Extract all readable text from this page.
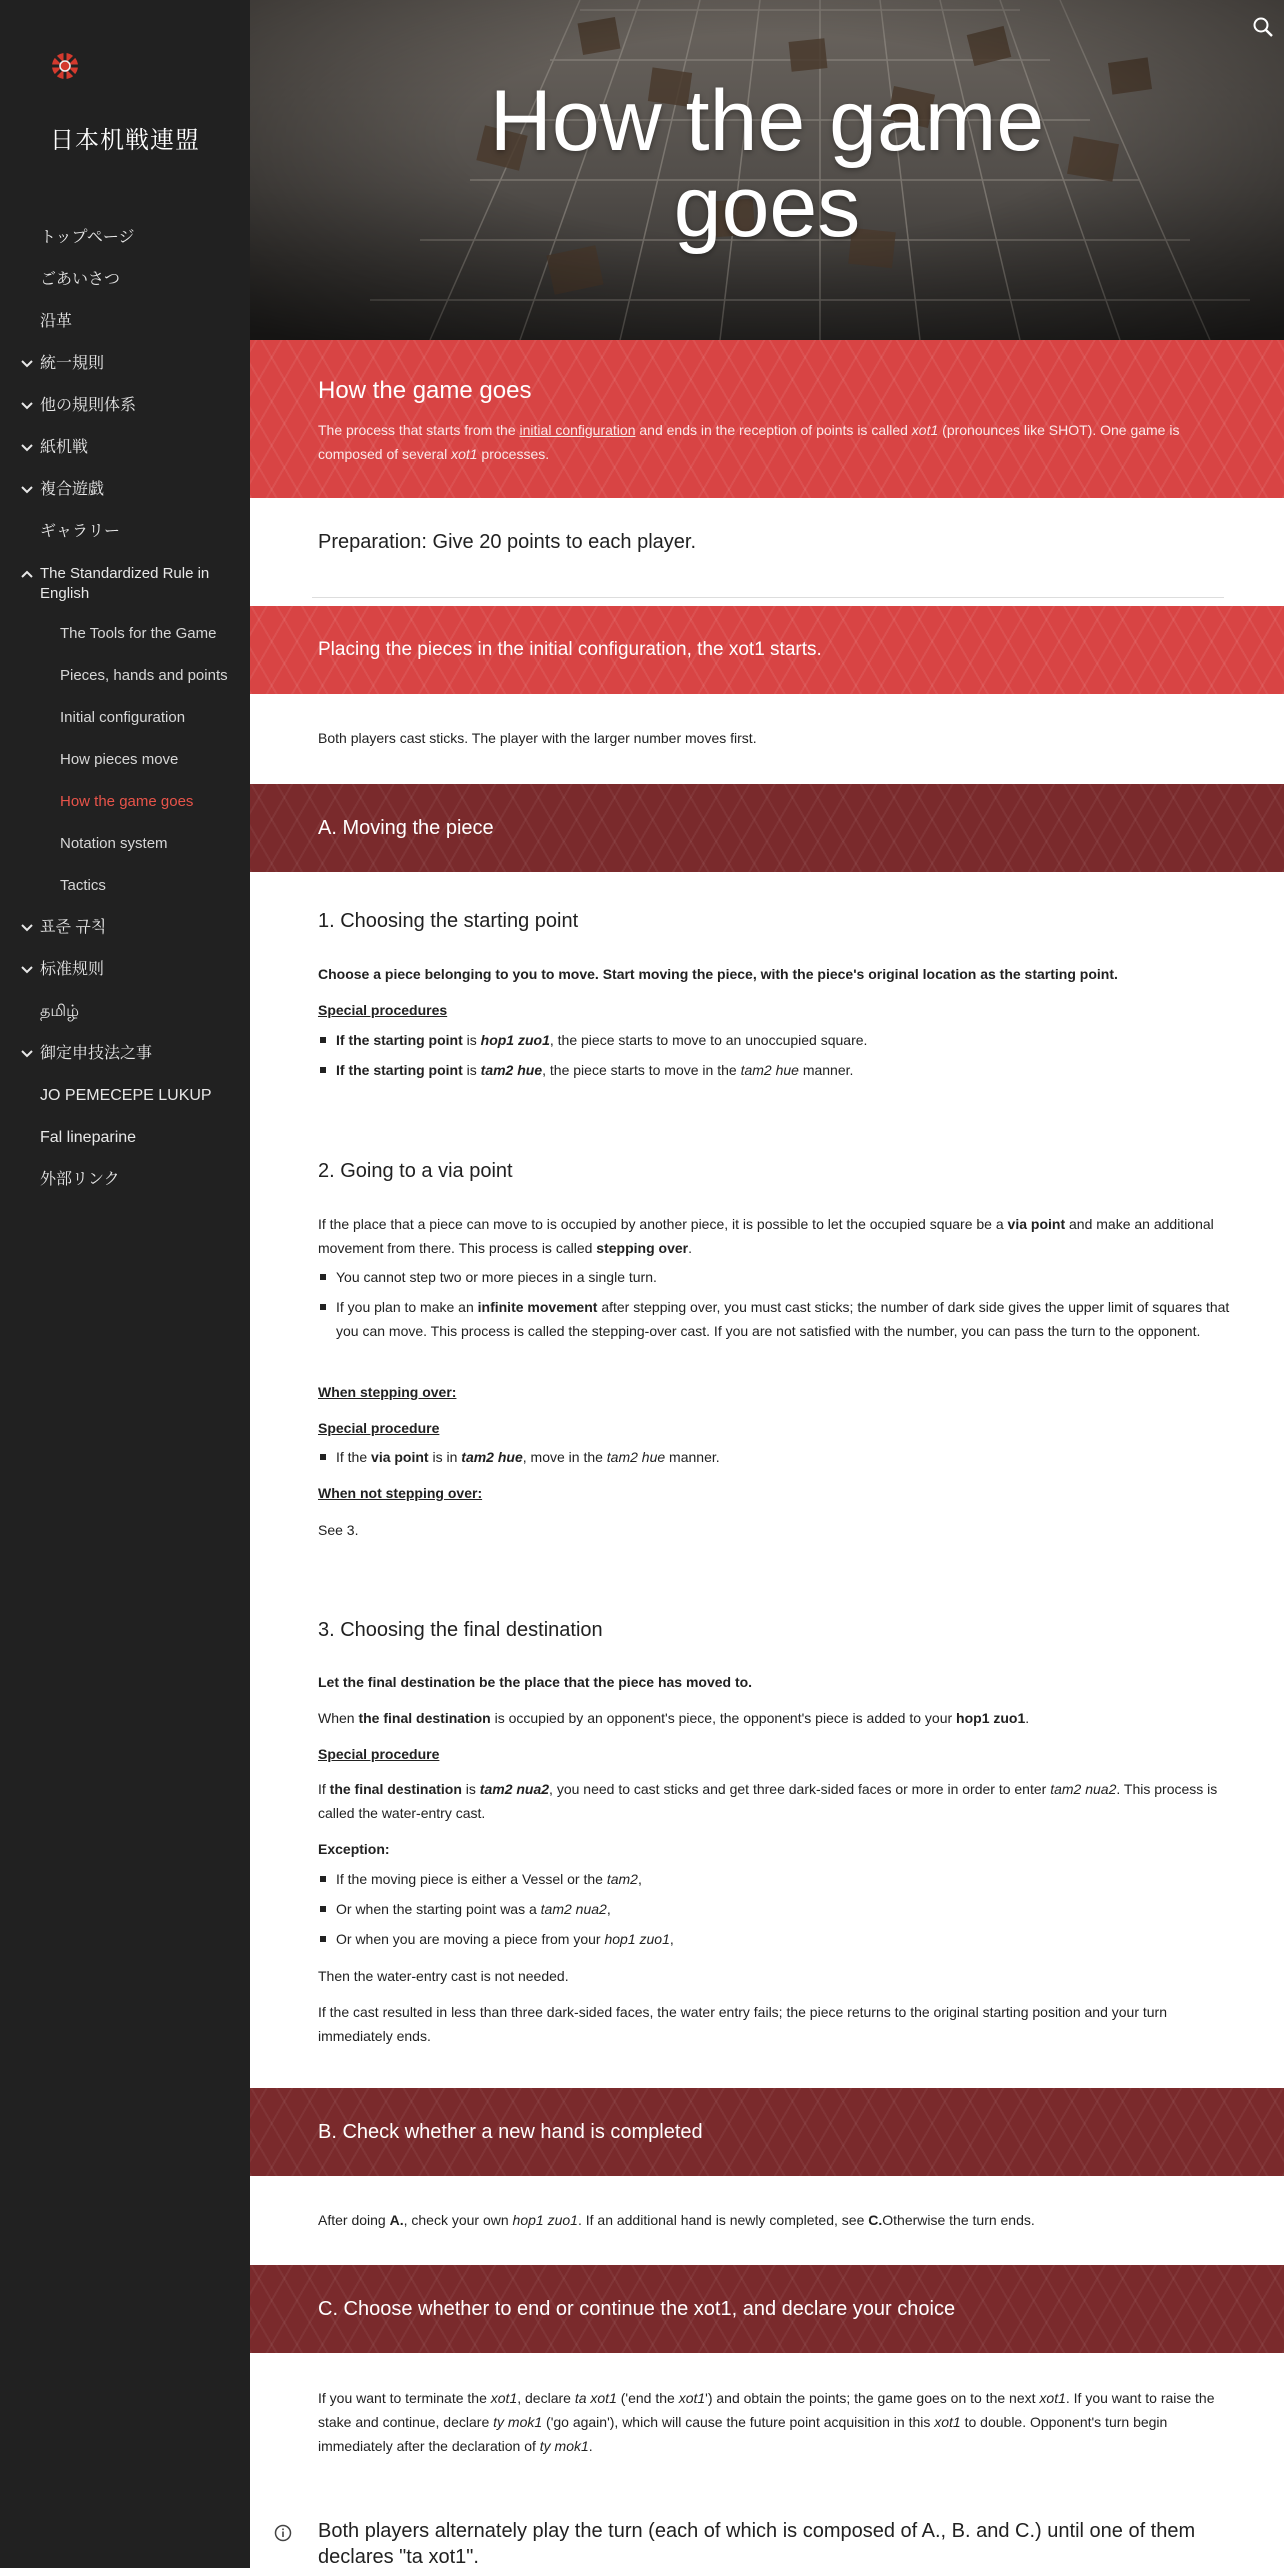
日本机戦連盟
トップページ
ごあいさつ
沿革
統一規則
他の規則体系
紙机戦
複合遊戯
ギャラリー
The Standardized Rule in English
The Tools for the Game
Pieces, hands and points
Initial configuration
How pieces move
How the game goes
Notation system
Tactics
표준 규칙
标准规则
தமிழ்
御定申技法之事
JO PEMECEPE LUKUP
Fal lineparine
外部リンク
How the game
goes
How the game goes

The process that starts from the initial configuration and ends in the reception of points is called xot1 (pronounces like SHOT). One game is composed of several xot1 processes.

Preparation: Give 20 points to each player.
Placing the pieces in the initial configuration, the xot1 starts.

Both players cast sticks. The player with the larger number moves first.

A. Moving the piece
1. Choosing the starting point

Choose a piece belonging to you to move. Start moving the piece, with the piece's original location as the starting point.

Special procedures

If the starting point is hop1 zuo1, the piece starts to move to an unoccupied square.
If the starting point is tam2 hue, the piece starts to move in the tam2 hue manner.
2. Going to a via point

If the place that a piece can move to is occupied by another piece, it is possible to let the occupied square be a via point and make an additional movement from there. This process is called stepping over.

You cannot step two or more pieces in a single turn.
If you plan to make an infinite movement after stepping over, you must cast sticks; the number of dark side gives the upper limit of squares that you can move. This process is called the stepping-over cast. If you are not satisfied with the number, you can pass the turn to the opponent.

When stepping over:

Special procedure

If the via point is in tam2 hue, move in the tam2 hue manner.

When not stepping over:

See 3.

3. Choosing the final destination

Let the final destination be the place that the piece has moved to.

When the final destination is occupied by an opponent's piece, the opponent's piece is added to your hop1 zuo1.

Special procedure

If the final destination is tam2 nua2, you need to cast sticks and get three dark-sided faces or more in order to enter tam2 nua2. This process is called the water-entry cast.

Exception:

If the moving piece is either a Vessel or the tam2,
Or when the starting point was a tam2 nua2,
Or when you are moving a piece from your hop1 zuo1,

Then the water-entry cast is not needed.

If the cast resulted in less than three dark-sided faces, the water entry fails; the piece returns to the original starting position and your turn immediately ends.

B. Check whether a new hand is completed

After doing A., check your own hop1 zuo1. If an additional hand is newly completed, see C.Otherwise the turn ends.

C. Choose whether to end or continue the xot1, and declare your choice

If you want to terminate the xot1, declare ta xot1 ('end the xot1') and obtain the points; the game goes on to the next xot1. If you want to raise the stake and continue, declare ty mok1 ('go again'), which will cause the future point acquisition in this xot1 to double. Opponent's turn begin immediately after the declaration of ty mok1.

Both players alternately play the turn (each of which is composed of A., B. and C.) until one of them declares "ta xot1".
